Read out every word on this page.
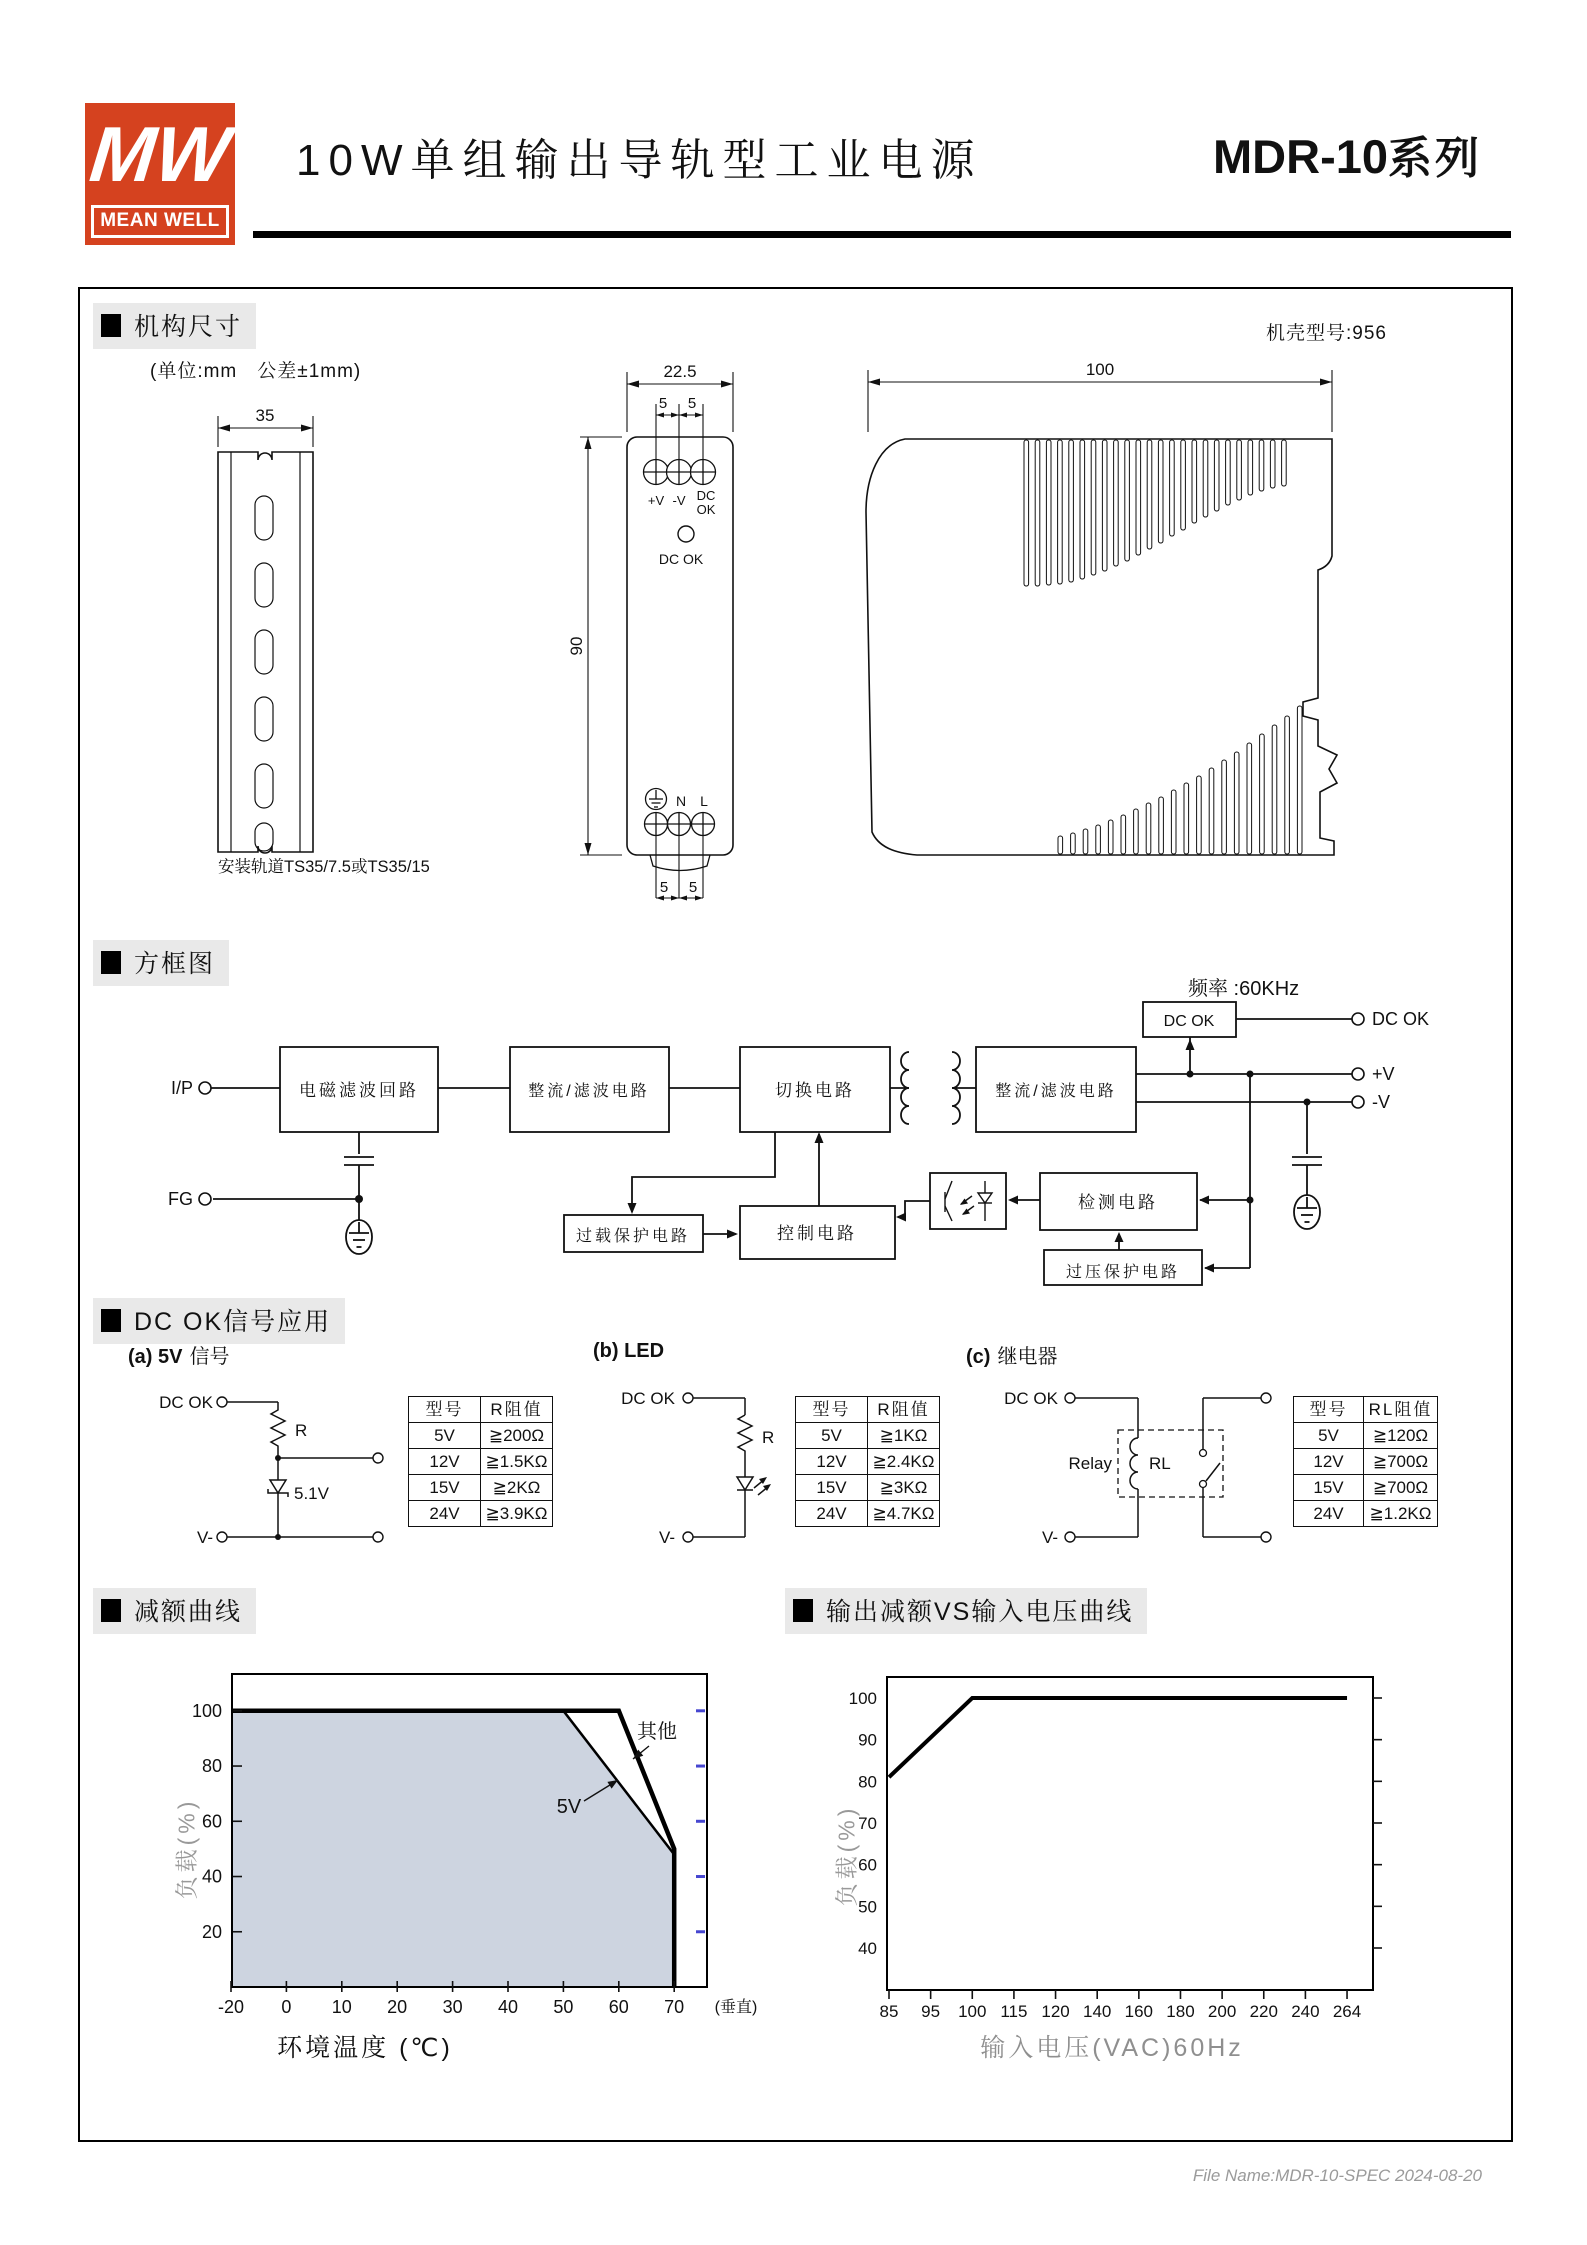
MW
MEAN WELL
10W单组输出导轨型工业电源	MDR-10系列
机构尺寸
方框图
DC OK信号应用
减额曲线	输出减额VS输入电压曲线
(单位:mm　公差±1mm)
机壳型号:956
安装轨道TS35/7.5或TS35/15
(a) 5V 信号	(b) LED	(c) 继电器
35
5 5
22.5
+V -V DC
OK
DC OK
N L
5 5
90
100
电磁滤波回路	整流/滤波电路	切换电路	整流/滤波电路
DC OK
检测电路
过压保护电路
控制电路
过载保护电路
I/P
FG
DC OK
+V
-V
频率 :60KHz
DC OK
V-
R
5.1V
DC OK
V-
R
DC OK
V-
Relay RL
-20 0 10 20 30 40 50 60 70 (垂直)
20
40
60
80
100
其他
5V
85 95 100 115 120 140 160 180 200 220 240 264
40
50
60
70
80
90
100
型号	R阻值
5V	≧200Ω
12V	≧1.5KΩ
15V	≧2KΩ
24V	≧3.9KΩ
型号	R阻值
5V	≧1KΩ
12V	≧2.4KΩ
15V	≧3KΩ
24V	≧4.7KΩ
型号	RL阻值
5V	≧120Ω
12V	≧700Ω
15V	≧700Ω
24V	≧1.2KΩ
环境温度 (℃)
负载(%)
输入电压(VAC)60Hz
负载(%)
File Name:MDR-10-SPEC 2024-08-20
